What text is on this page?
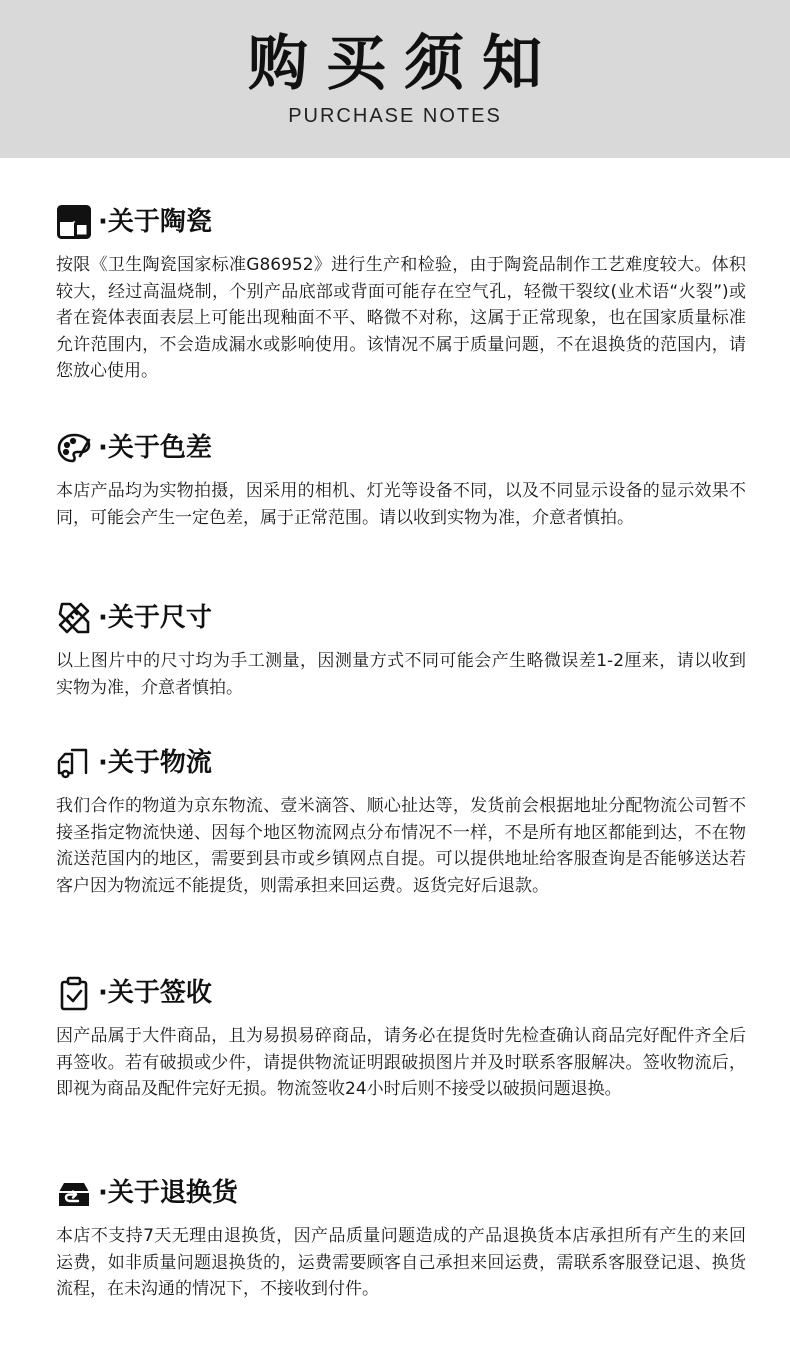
购买须知
PURCHASE NOTES
·关于陶瓷
按限《卫生陶瓷国家标准G86952》进行生产和检验，由于陶瓷品制作工艺难度较大。体积较大，经过高温烧制，个别产品底部或背面可能存在空气孔，轻微干裂纹(业术语“火裂”)或者在瓷体表面表层上可能出现釉面不平、略微不对称，这属于正常现象，也在国家质量标准允许范围内，不会造成漏水或影响使用。该情况不属于质量问题，不在退换货的范国内，请您放心使用。
·关于色差
本店产品均为实物拍摄，因采用的相机、灯光等设备不同，以及不同显示设备的显示效果不同，可能会产生一定色差，属于正常范围。请以收到实物为准，介意者慎拍。
·关于尺寸
以上图片中的尺寸均为手工测量，因测量方式不同可能会产生略微误差1-2厘来，请以收到实物为准，介意者慎拍。
·关于物流
我们合作的物道为京东物流、壹米滴答、顺心扯达等，发货前会根据地址分配物流公司暂不接圣指定物流快递、因每个地区物流网点分布情况不一样，不是所有地区都能到达，不在物流送范国内的地区，需要到县市或乡镇网点自提。可以提供地址给客服查询是否能够送达若客户因为物流远不能提货，则需承担来回运费。返货完好后退款。
·关于签收
因产品属于大件商品，且为易损易碎商品，请务必在提货时先检查确认商品完好配件齐全后再签收。若有破损或少件，请提供物流证明跟破损图片并及时联系客服解决。签收物流后，即视为商品及配件完好无损。物流签收24小时后则不接受以破损问题退换。
·关于退换货
本店不支持7天无理由退换货，因产品质量问题造成的产品退换货本店承担所有产生的来回运费，如非质量问题退换货的，运费需要顾客自己承担来回运费，需联系客服登记退、换货流程，在未沟通的情况下，不接收到付件。
